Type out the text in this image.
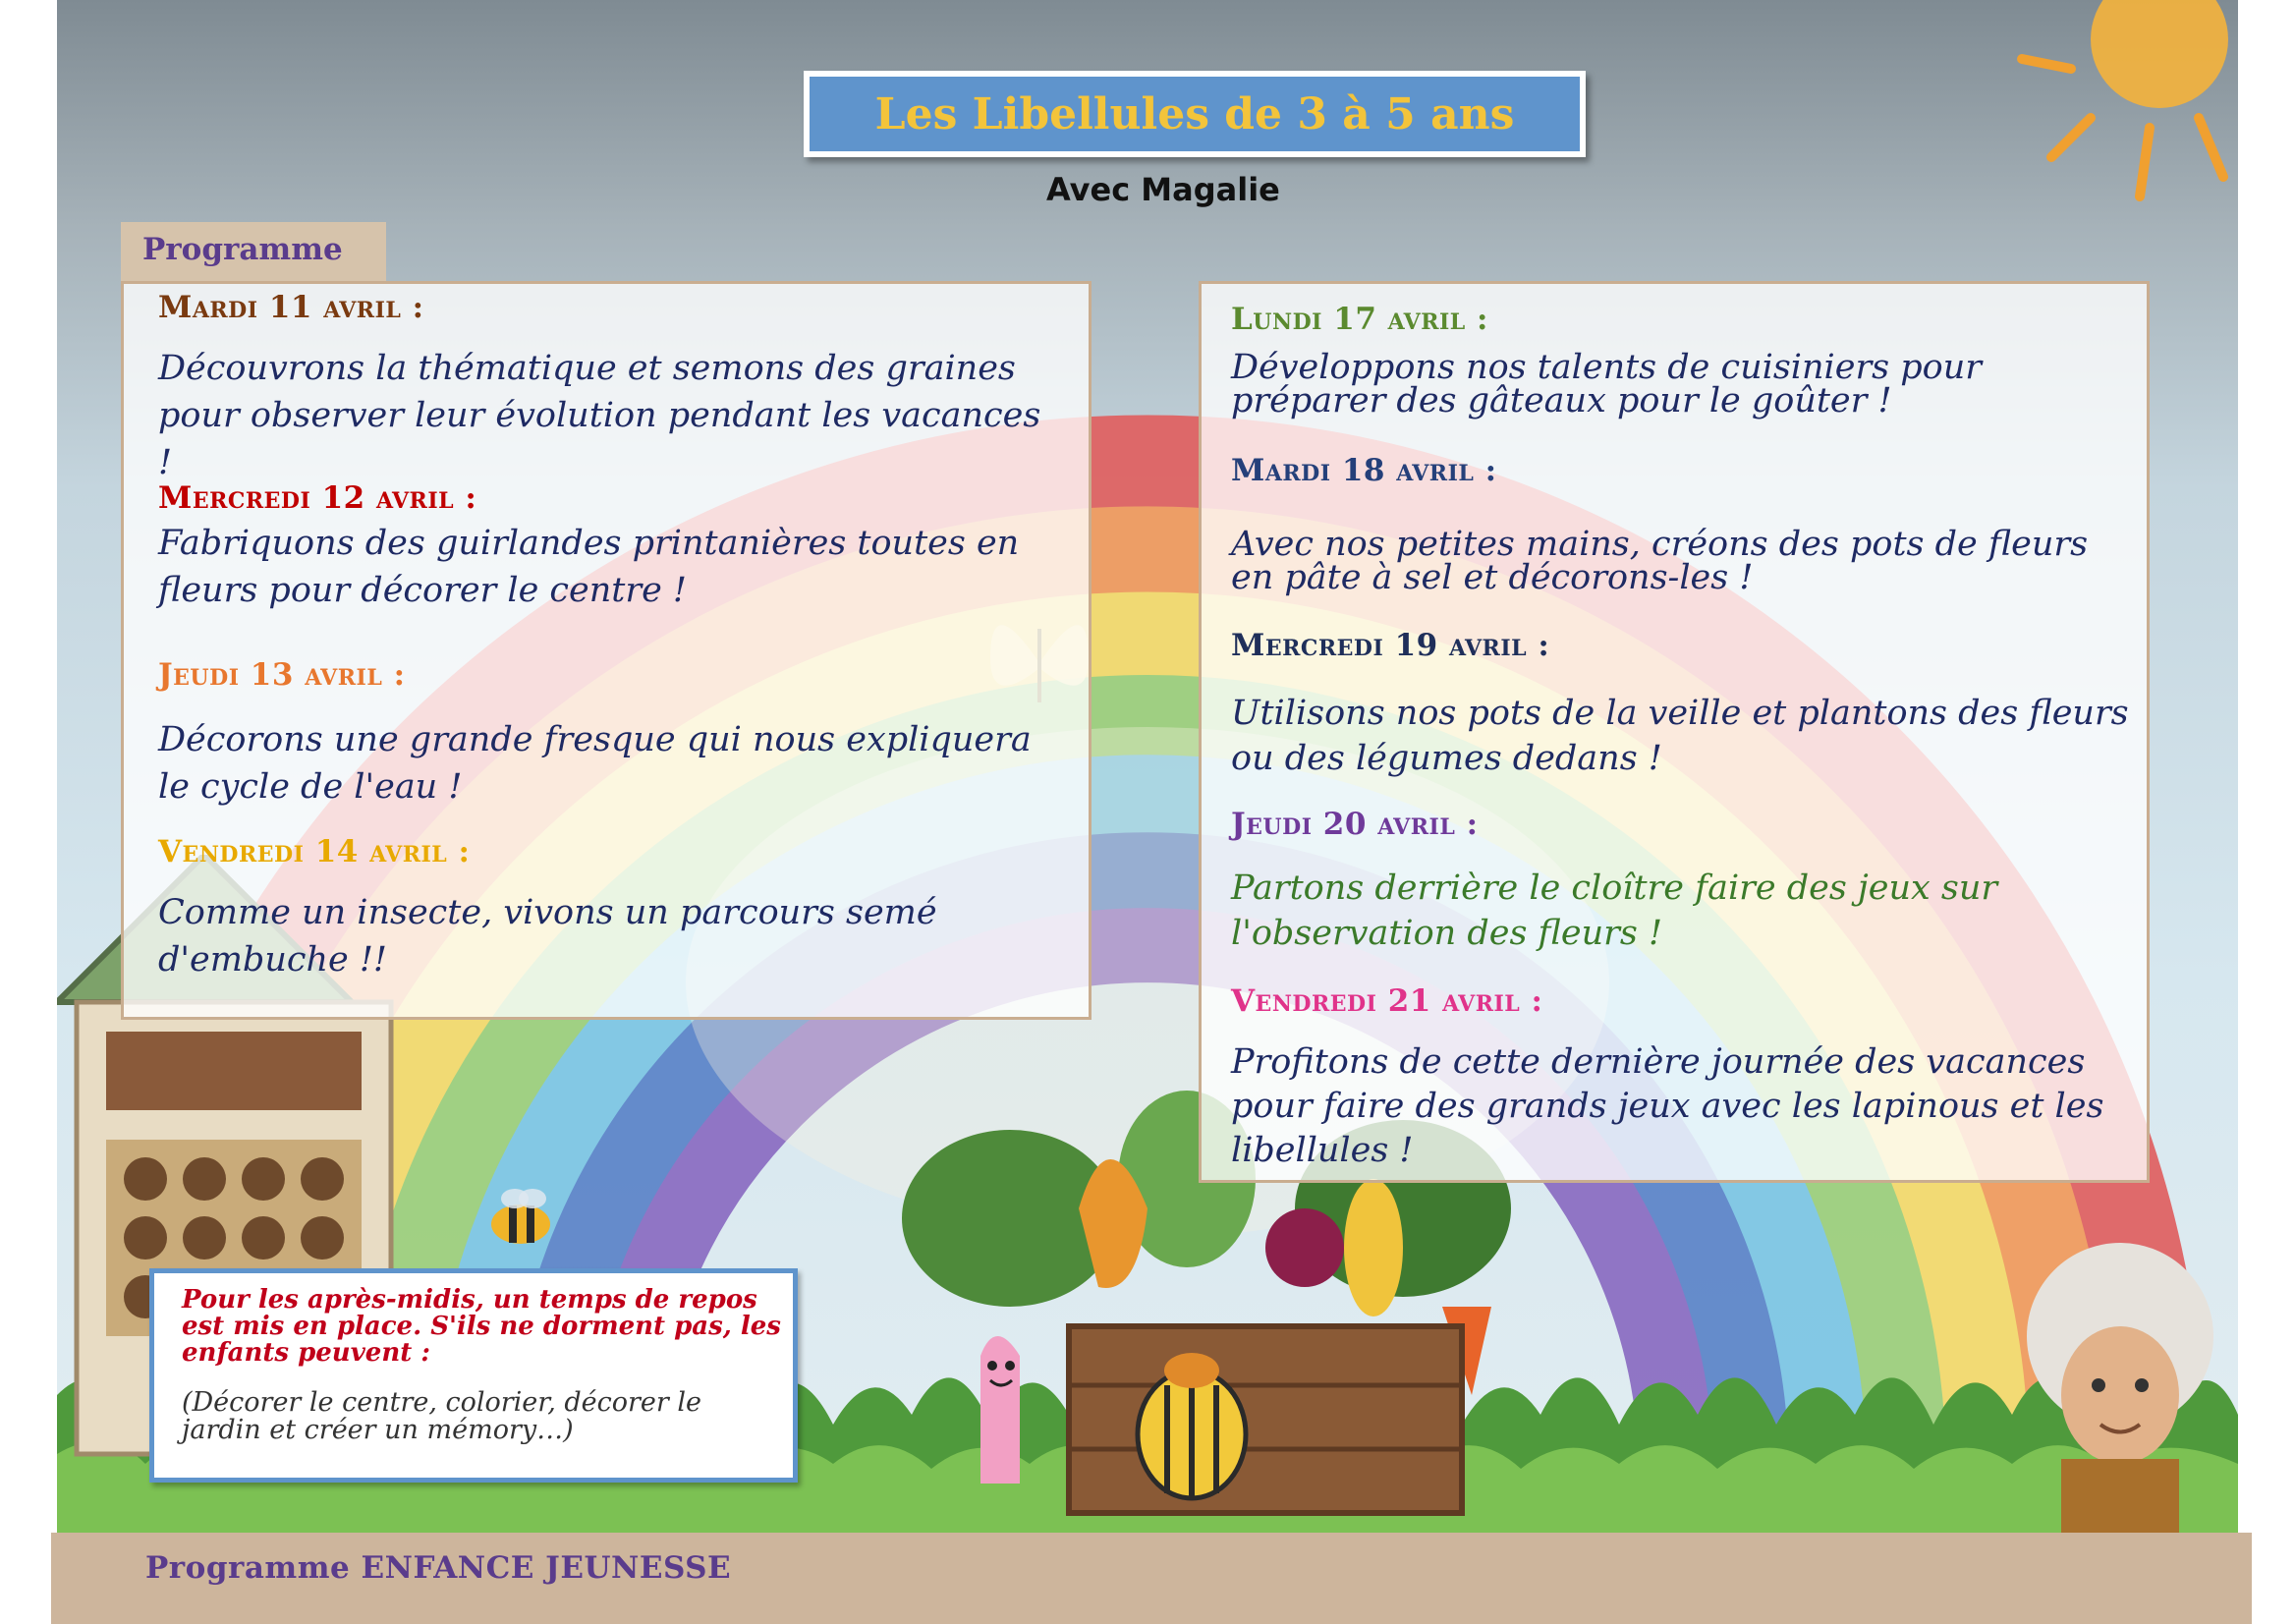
Programme ENFANCE JEUNESSE
Les Libellules de 3 à 5 ans
Avec Magalie
Programme
Mardi 11 avril :
Découvrons la thématique et semons des graines pour observer leur évolution pendant les vacances !
Mercredi 12 avril :
Fabriquons des guirlandes printanières toutes en fleurs pour décorer le centre !
Jeudi 13 avril :
Décorons une grande fresque qui nous expliquera le cycle de l'eau !
Vendredi 14 avril :
Comme un insecte, vivons un parcours semé d'embuche !!
Lundi 17 avril :
Développons nos talents de cuisiniers pour préparer des gâteaux pour le goûter !
Mardi 18 avril :
Avec nos petites mains, créons des pots de fleurs en pâte à sel et décorons-les !
Mercredi 19 avril :
Utilisons nos pots de la veille et plantons des fleurs ou des légumes dedans !
Jeudi 20 avril :
Partons derrière le cloître faire des jeux sur l'observation des fleurs !
Vendredi 21 avril :
Profitons de cette dernière journée des vacances pour faire des grands jeux avec les lapinous et les libellules !
Pour les après-midis, un temps de repos est mis en place. S'ils ne dorment pas, les enfants peuvent :
(Décorer le centre, colorier, décorer le jardin et créer un mémory…)
